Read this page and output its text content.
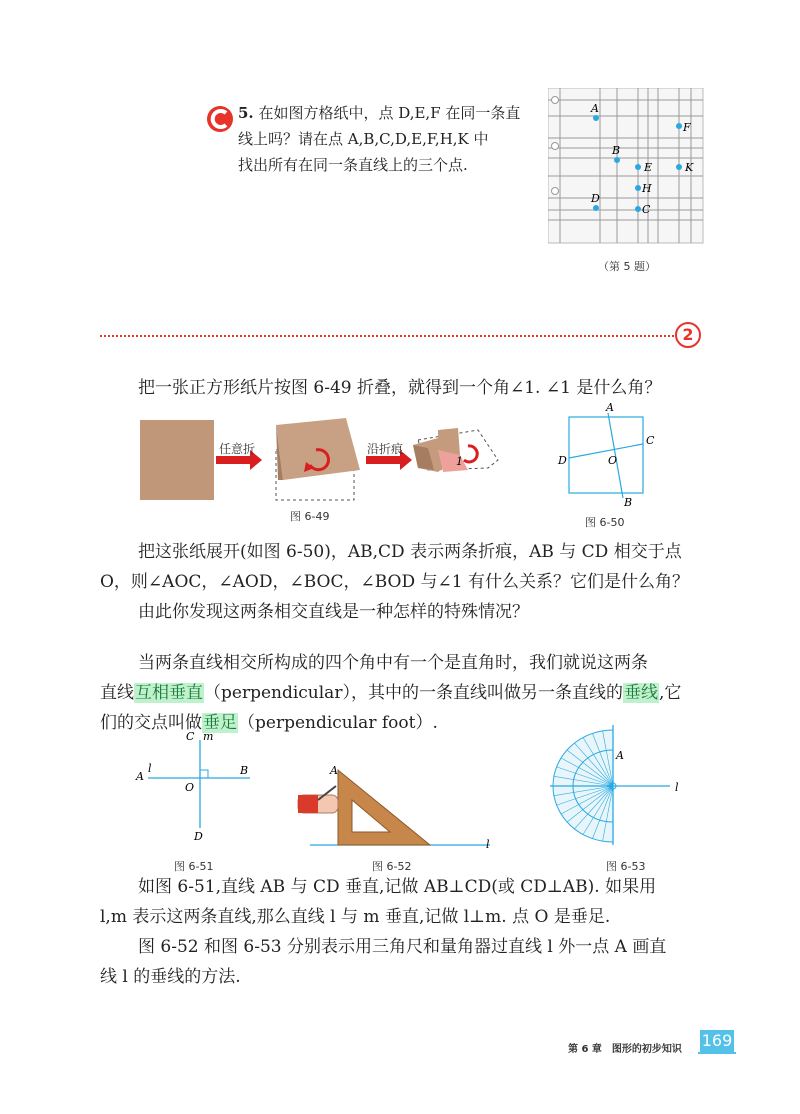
5. 在如图方格纸中，点 D,E,F 在同一条直
线上吗？请在点 A,B,C,D,E,F,H,K 中
找出所有在同一条直线上的三个点.
A
F
B
E	K
H
D
C
（第 5 题）
2
把一张正方形纸片按图 6-49 折叠，就得到一个角∠1. ∠1 是什么角？
1
任意折	沿折痕
图 6-49
A
C
D	O
B
图 6-50
把这张纸展开(如图 6-50)，AB,CD 表示两条折痕，AB 与 CD 相交于点
O，则∠AOC，∠AOD，∠BOC，∠BOD 与∠1 有什么关系？它们是什么角？
由此你发现这两条相交直线是一种怎样的特殊情况？
当两条直线相交所构成的四个角中有一个是直角时，我们就说这两条
直线互相垂直（perpendicular），其中的一条直线叫做另一条直线的垂线,它
们的交点叫做垂足（perpendicular foot）.
C m
A
l	B
O
D
图 6-51
A
l
图 6-52
A
l
图 6-53
如图 6-51,直线 AB 与 CD 垂直,记做 AB⊥CD(或 CD⊥AB). 如果用
l,m 表示这两条直线,那么直线 l 与 m 垂直,记做 l⊥m. 点 O 是垂足.
图 6-52 和图 6-53 分别表示用三角尺和量角器过直线 l 外一点 A 画直
线 l 的垂线的方法.
第 6 章　图形的初步知识 169
